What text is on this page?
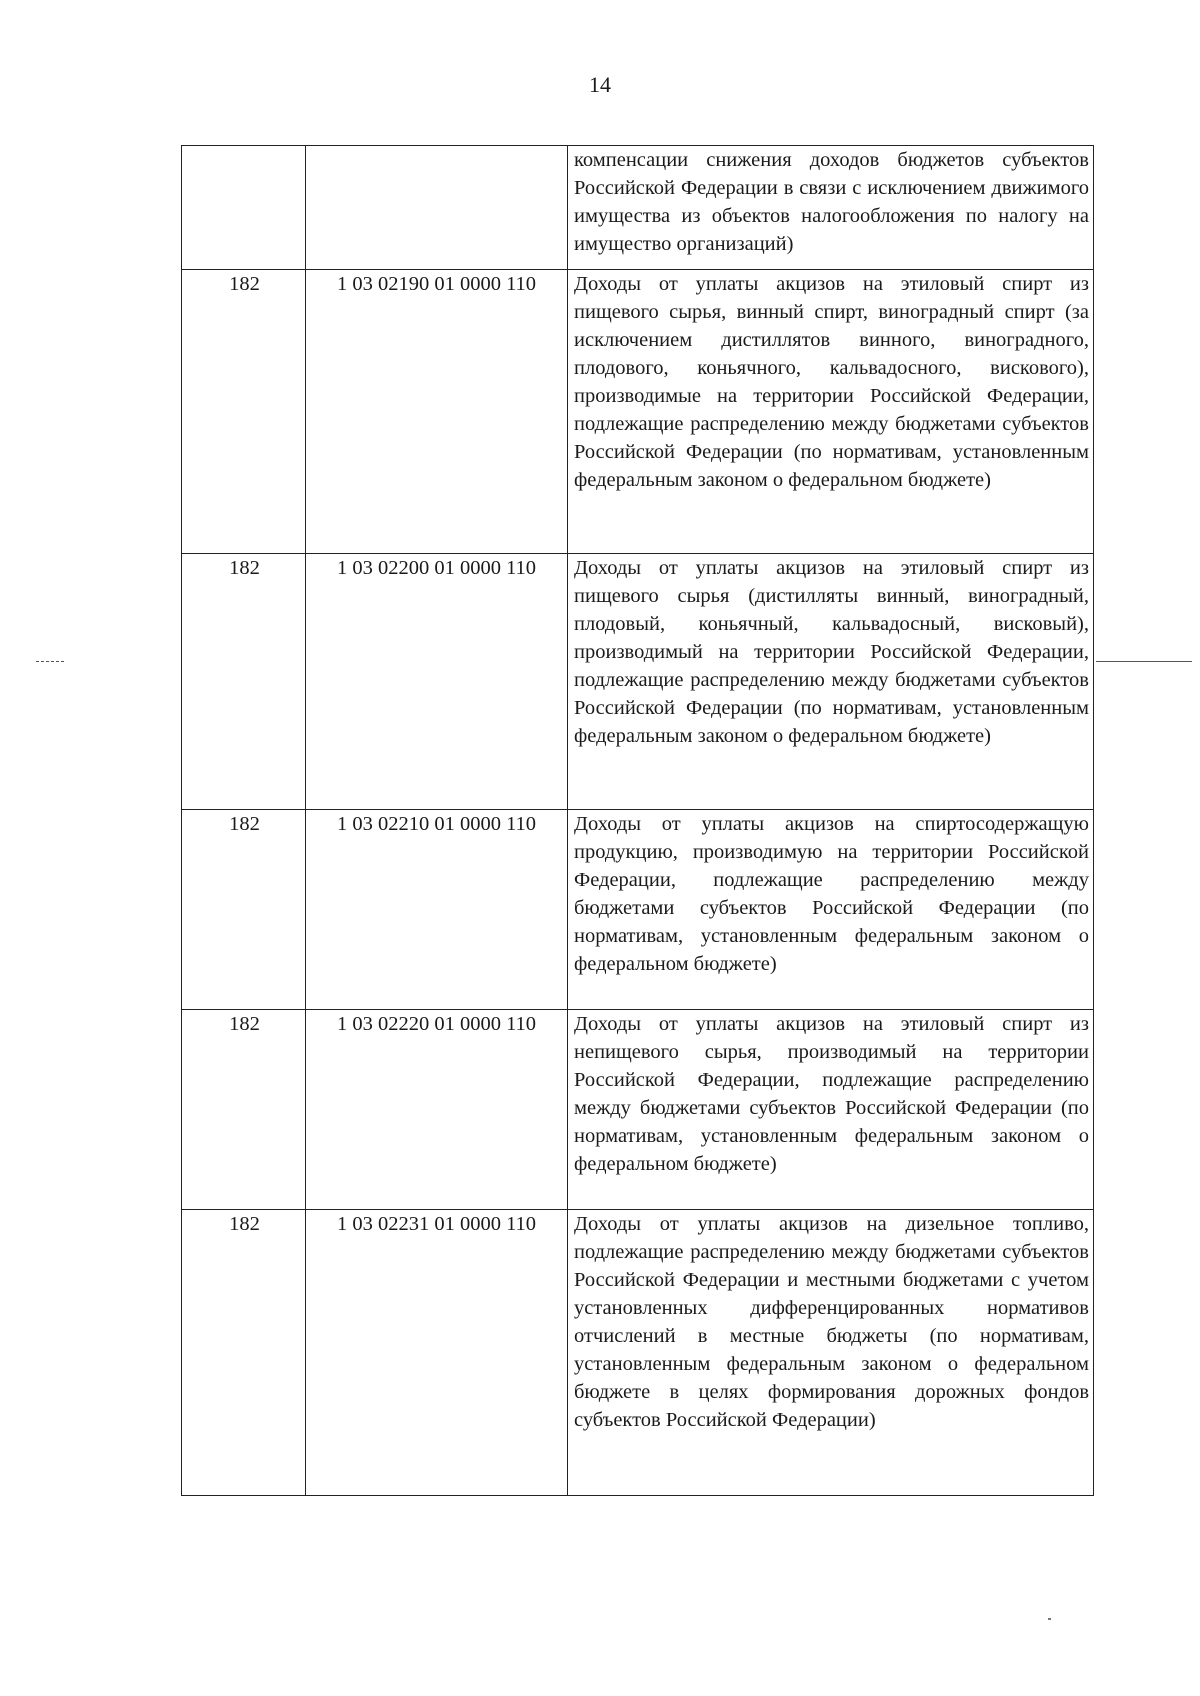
14
		компенсации снижения доходов бюджетов субъектов Российской Федерации в связи с исключением движимого имущества из объектов налогообложения по налогу на имущество организаций)
182	1 03 02190 01 0000 110	Доходы от уплаты акцизов на этиловый спирт из пищевого сырья, винный спирт, виноградный спирт (за исключением дистиллятов винного, виноградного, плодового, коньячного, кальвадосного, вискового), производимые на территории Российской Федерации, подлежащие распределению между бюджетами субъектов Российской Федерации (по нормативам, установленным федеральным законом о федеральном бюджете)
182	1 03 02200 01 0000 110	Доходы от уплаты акцизов на этиловый спирт из пищевого сырья (дистилляты винный, виноградный, плодовый, коньячный, кальвадосный, висковый), производимый на территории Российской Федерации, подлежащие распределению между бюджетами субъектов Российской Федерации (по нормативам, установленным федеральным законом о федеральном бюджете)
182	1 03 02210 01 0000 110	Доходы от уплаты акцизов на спиртосодержащую продукцию, производимую на территории Российской Федерации, подлежащие распределению между бюджетами субъектов Российской Федерации (по нормативам, установленным федеральным законом о федеральном бюджете)
182	1 03 02220 01 0000 110	Доходы от уплаты акцизов на этиловый спирт из непищевого сырья, производимый на территории Российской Федерации, подлежащие распределению между бюджетами субъектов Российской Федерации (по нормативам, установленным федеральным законом о федеральном бюджете)
182	1 03 02231 01 0000 110	Доходы от уплаты акцизов на дизельное топливо, подлежащие распределению между бюджетами субъектов Российской Федерации и местными бюджетами с учетом установленных дифференцированных нормативов отчислений в местные бюджеты (по нормативам, установленным федеральным законом о федеральном бюджете в целях формирования дорожных фондов субъектов Российской Федерации)
